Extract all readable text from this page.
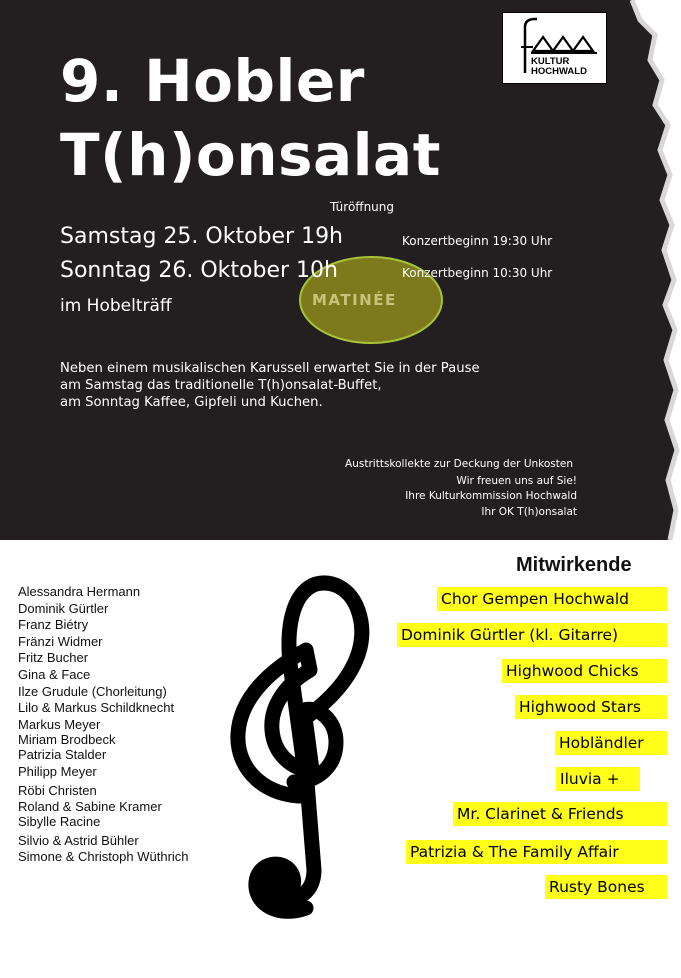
KULTUR
HOCHWALD
9. Hobler
T(h)onsalat
MATINÉE
Türöffnung
Samstag 25. Oktober 19h	Konzertbeginn 19:30 Uhr
Sonntag 26. Oktober 10h	Konzertbeginn 10:30 Uhr
im Hobelträff
Neben einem musikalischen Karussell erwartet Sie in der Pause
am Samstag das traditionelle T(h)onsalat-Buffet,
am Sonntag Kaffee, Gipfeli und Kuchen.
Austrittskollekte zur Deckung der Unkosten
Wir freuen uns auf Sie!
Ihre Kulturkommission Hochwald
Ihr OK T(h)onsalat
Alessandra Hermann
Dominik Gürtler
Franz Biétry
Fränzi Widmer
Fritz Bucher
Gina & Face
Ilze Grudule (Chorleitung)
Lilo & Markus Schildknecht
Markus Meyer
Miriam Brodbeck
Patrizia Stalder
Philipp Meyer
Röbi Christen
Roland & Sabine Kramer
Sibylle Racine
Silvio & Astrid Bühler
Simone & Christoph Wüthrich
Mitwirkende
Chor Gempen Hochwald
Dominik Gürtler (kl. Gitarre)
Highwood Chicks
Highwood Stars
Hobländler
Iluvia +
Mr. Clarinet & Friends
Patrizia & The Family Affair
Rusty Bones
